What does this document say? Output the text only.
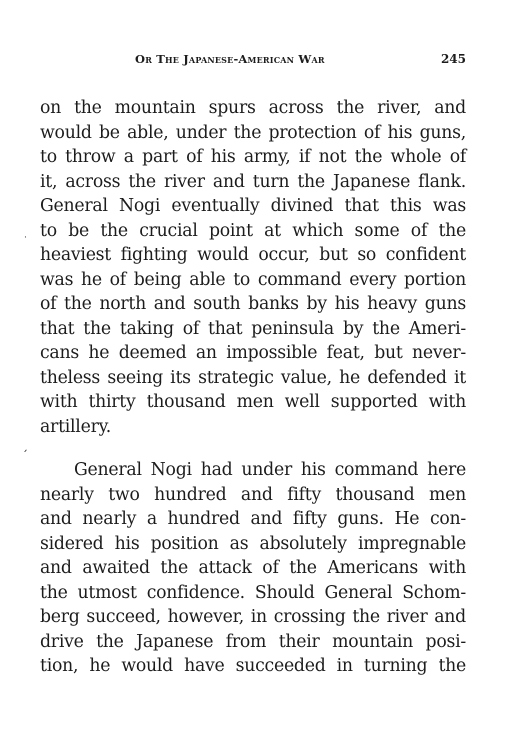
Or The Japanese-American War	245
·
ˏ
on the mountain spurs across the river, and
would be able, under the protection of his guns,
to throw a part of his army, if not the whole of
it, across the river and turn the Japanese flank.
General Nogi eventually divined that this was
to be the crucial point at which some of the
heaviest fighting would occur, but so confident
was he of being able to command every portion
of the north and south banks by his heavy guns
that the taking of that peninsula by the Ameri-
cans he deemed an impossible feat, but never-
theless seeing its strategic value, he defended it
with thirty thousand men well supported with
artillery.
General Nogi had under his command here
nearly two hundred and fifty thousand men
and nearly a hundred and fifty guns. He con-
sidered his position as absolutely impregnable
and awaited the attack of the Americans with
the utmost confidence. Should General Schom-
berg succeed, however, in crossing the river and
drive the Japanese from their mountain posi-
tion, he would have succeeded in turning the
